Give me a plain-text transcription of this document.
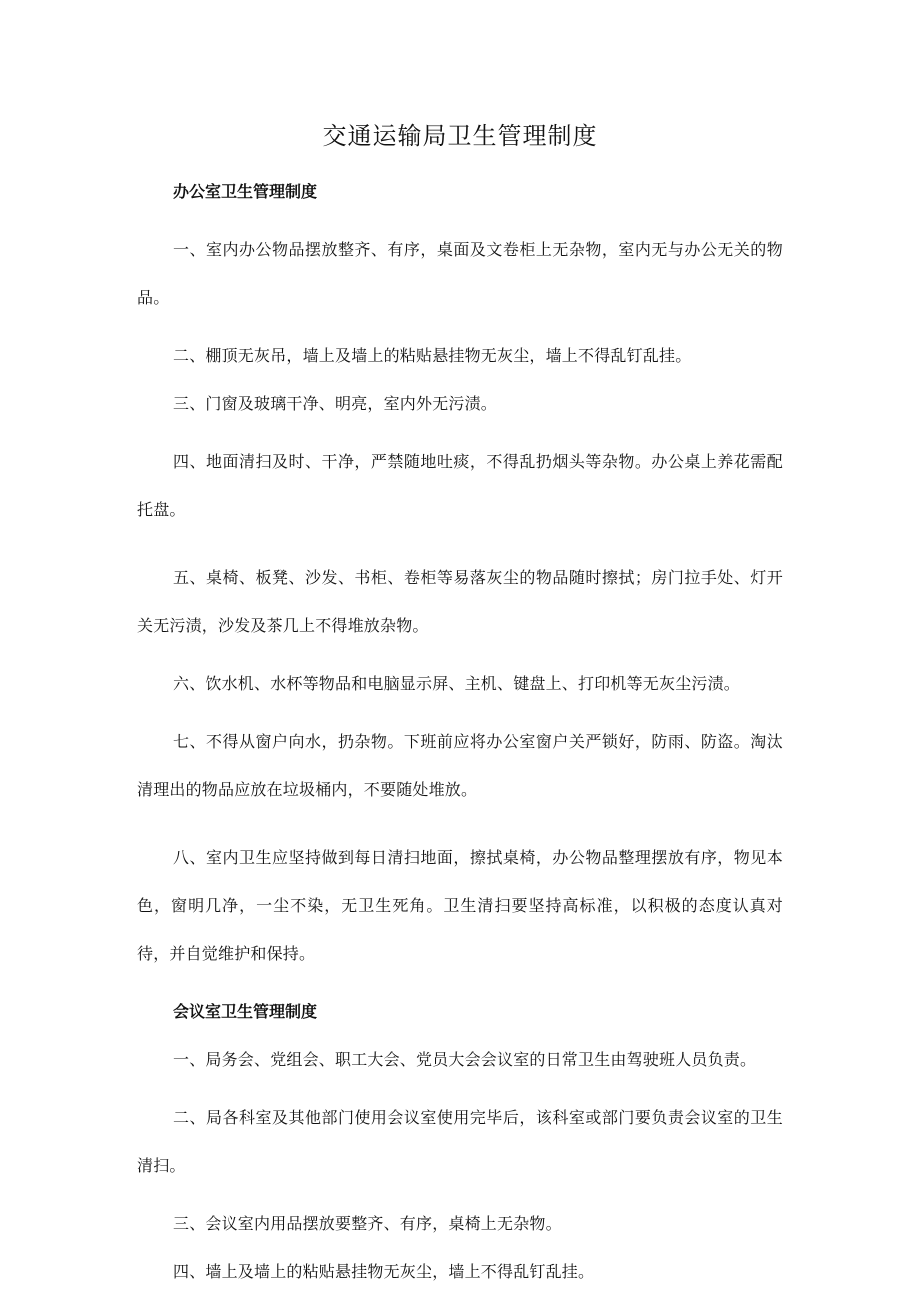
交通运输局卫生管理制度
办公室卫生管理制度

一、室内办公物品摆放整齐、有序，桌面及文卷柜上无杂物，室内无与办公无关的物品。

二、棚顶无灰吊，墙上及墙上的粘贴悬挂物无灰尘，墙上不得乱钉乱挂。

三、门窗及玻璃干净、明亮，室内外无污渍。

四、地面清扫及时、干净，严禁随地吐痰，不得乱扔烟头等杂物。办公桌上养花需配托盘。

五、桌椅、板凳、沙发、书柜、卷柜等易落灰尘的物品随时擦拭；房门拉手处、灯开关无污渍，沙发及茶几上不得堆放杂物。

六、饮水机、水杯等物品和电脑显示屏、主机、键盘上、打印机等无灰尘污渍。

七、不得从窗户向水，扔杂物。下班前应将办公室窗户关严锁好，防雨、防盗。淘汰清理出的物品应放在垃圾桶内，不要随处堆放。

八、室内卫生应坚持做到每日清扫地面，擦拭桌椅，办公物品整理摆放有序，物见本色，窗明几净，一尘不染，无卫生死角。卫生清扫要坚持高标准，以积极的态度认真对待，并自觉维护和保持。

会议室卫生管理制度

一、局务会、党组会、职工大会、党员大会会议室的日常卫生由驾驶班人员负责。

二、局各科室及其他部门使用会议室使用完毕后，该科室或部门要负责会议室的卫生清扫。

三、会议室内用品摆放要整齐、有序，桌椅上无杂物。

四、墙上及墙上的粘贴悬挂物无灰尘，墙上不得乱钉乱挂。
